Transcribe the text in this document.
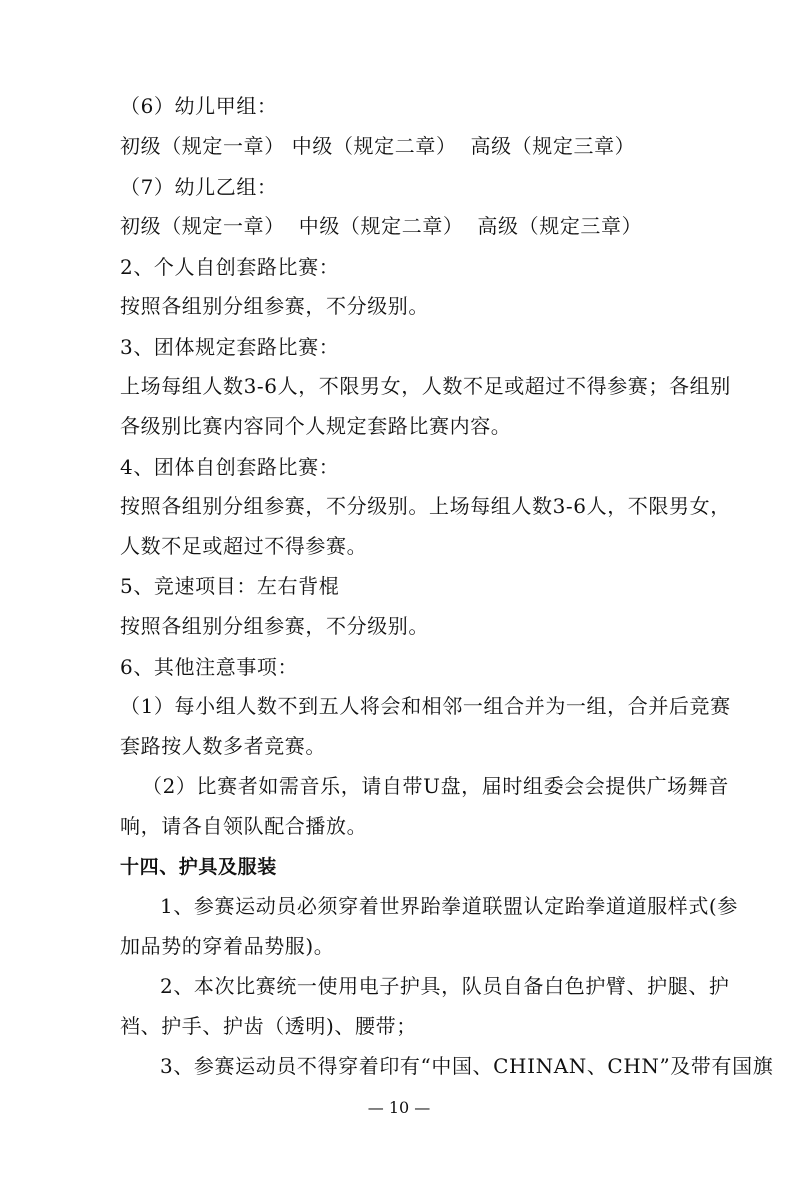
（6）幼儿甲组：
初级（规定一章） 中级（规定二章）  高级（规定三章）
（7）幼儿乙组：
初级（规定一章）  中级（规定二章）  高级（规定三章）
2、个人自创套路比赛：
按照各组别分组参赛，不分级别。
3、团体规定套路比赛：
上场每组人数3-6人，不限男女，人数不足或超过不得参赛；各组别
各级别比赛内容同个人规定套路比赛内容。
4、团体自创套路比赛：
按照各组别分组参赛，不分级别。上场每组人数3-6人，不限男女，
人数不足或超过不得参赛。
5、竞速项目：左右背棍
按照各组别分组参赛，不分级别。
6、其他注意事项：
（1）每小组人数不到五人将会和相邻一组合并为一组，合并后竞赛
套路按人数多者竞赛。
（2）比赛者如需音乐，请自带U盘，届时组委会会提供广场舞音
响，请各自领队配合播放。
十四、护具及服装
1、参赛运动员必须穿着世界跆拳道联盟认定跆拳道道服样式(参
加品势的穿着品势服)。
2、本次比赛统一使用电子护具，队员自备白色护臂、护腿、护
裆、护手、护齿（透明)、腰带；
3、参赛运动员不得穿着印有“中国、CHINAN、CHN”及带有国旗
— 10 —
